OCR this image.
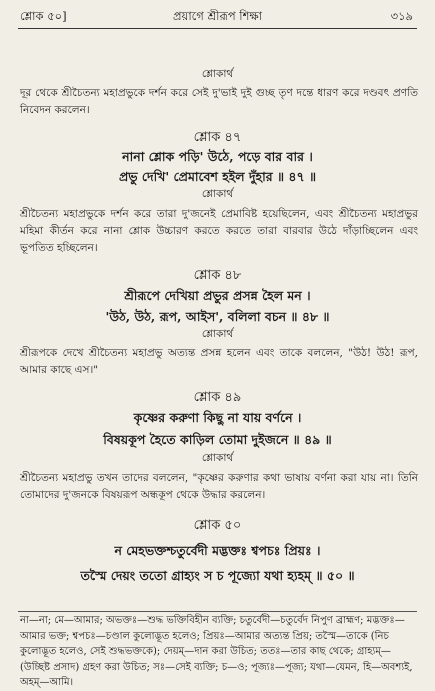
শ্লোক ৫০]	প্রয়াগে শ্রীরূপ শিক্ষা	৩১৯
শ্লোকার্থ
দূর থেকে শ্রীচৈতন্য মহাপ্রভুকে দর্শন করে সেই দু'ভাই দুই গুচ্ছ তৃণ দন্তে ধারণ করে দণ্ডবৎ প্রণতি নিবেদন করলেন।
শ্লোক ৪৭
নানা শ্লোক পড়ি' উঠে, পড়ে বার বার ।
প্রভু দেখি' প্রেমাবেশ হইল দুঁহার ॥ ৪৭ ॥
শ্লোকার্থ
শ্রীচৈতন্য মহাপ্রভুকে দর্শন করে তারা দু'জনেই প্রেমাবিষ্ট হয়েছিলেন, এবং শ্রীচৈতন্য মহাপ্রভুর মহিমা কীর্তন করে নানা শ্লোক উচ্চারণ করতে করতে তারা বারবার উঠে দাঁড়াচ্ছিলেন এবং ভূপতিত হচ্ছিলেন।
শ্লোক ৪৮
শ্রীরূপে দেখিয়া প্রভুর প্রসন্ন হৈল মন ।
'উঠ, উঠ, রূপ, আইস', বলিলা বচন ॥ ৪৮ ॥
শ্লোকার্থ
শ্রীরূপকে দেখে শ্রীচৈতন্য মহাপ্রভু অত্যন্ত প্রসন্ন হলেন এবং তাকে বললেন, "উঠ! উঠ! রূপ, আমার কাছে এস।"
শ্লোক ৪৯
কৃষ্ণের করুণা কিছু না যায় বর্ণনে ।
বিষয়কূপ হৈতে কাড়িল তোমা দুইজনে ॥ ৪৯ ॥
শ্লোকার্থ
শ্রীচৈতন্য মহাপ্রভু তখন তাদের বললেন, "কৃষ্ণের করুণার কথা ভাষায় বর্ণনা করা যায় না। তিনি তোমাদের দু'জনকে বিষয়রূপ অন্ধকূপ থেকে উদ্ধার করলেন।
শ্লোক ৫০
ন মেহভক্তশ্চতুর্বেদী মদ্ভক্তঃ শ্বপচঃ প্রিয়ঃ ।
তস্মৈ দেয়ং ততো গ্রাহ্যং স চ পূজ্যো যথা হ্যহম্ ॥ ৫০ ॥
না—না; মে—আমার; অভক্তঃ—শুদ্ধ ভক্তিবিহীন ব্যক্তি; চতুর্বেদী—চতুর্বেদ নিপুণ ব্রাহ্মণ; মদ্ভক্তঃ—আমার ভক্ত; শ্বপচঃ—চণ্ডাল কুলোদ্ভূত হলেও; প্রিয়ঃ—আমার অত্যন্ত প্রিয়; তস্মৈ—তাকে (নিচ কুলোদ্ভূত হলেও, সেই শুদ্ধভক্তকে); দেয়ম্—দান করা উচিত; ততঃ—তার কাছ থেকে; গ্রাহ্যম্—(উচ্ছিষ্ট প্রসাদ) গ্রহণ করা উচিত; সঃ—সেই ব্যক্তি; চ—ও; পূজ্যঃ—পূজ্য; যথা—যেমন, হি—অবশ্যই, অহম্—আমি।
